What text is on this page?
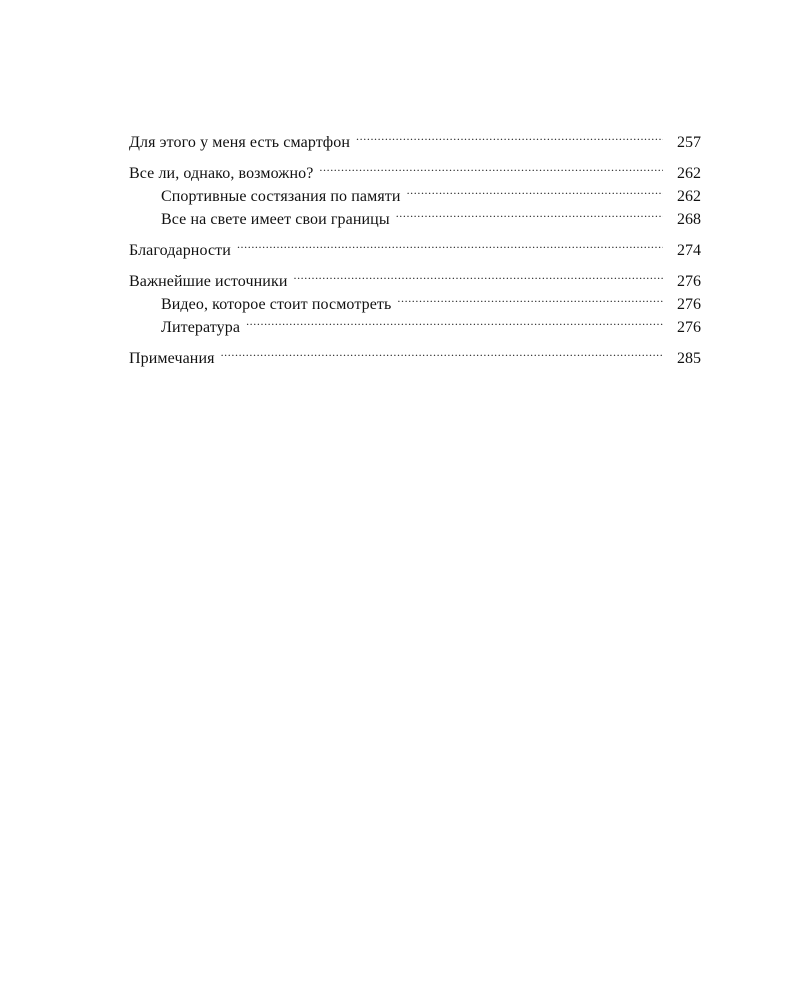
Для этого у меня есть смартфон .....	257
Все ли, однако, возможно? .....	262
Спортивные состязания по памяти .....	262
Все на свете имеет свои границы .....	268
Благодарности .....	274
Важнейшие источники .....	276
Видео, которое стоит посмотреть .....	276
Литература .....	276
Примечания .....	285
